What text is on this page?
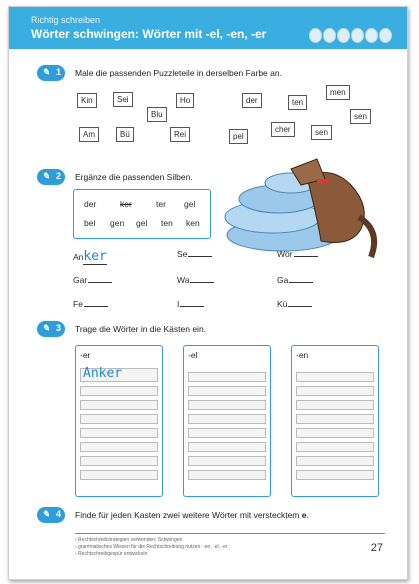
Richtig schreiben
Wörter schwingen: Wörter mit -el, -en, -er
✎ 1 Male die passenden Puzzleteile in derselben Farbe an.
Kin	Sei
Blu
Ho
Am	Bü	Rei
der	ten
men
sen
pel
cher	sen
✎ 2 Ergänze die passenden Silben.
der	ker	ter gel
bel gen gel ten ken
Anker	Se	Wör
Gar	Wa	Ga
Fe	I	Kü
✎ 3 Trage die Wörter in die Kästen ein.
-er
Anker
-el	-en
✎ 4 Finde für jeden Kasten zwei weitere Wörter mit verstecktem e.
› Rechtschreibstrategien verwenden: Schwingen
› grammatisches Wissen für die Rechtschreibung nutzen: -en, -el, -er
› Rechtschreibgespür entwickeln	27
